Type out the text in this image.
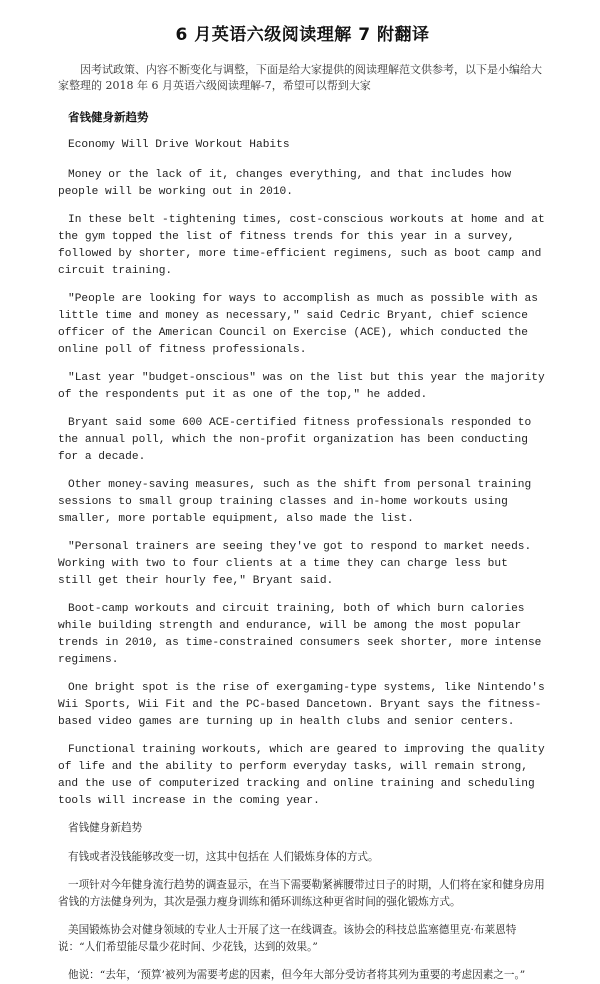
6 月英语六级阅读理解 7 附翻译

因考试政策、内容不断变化与调整，下面是给大家提供的阅读理解范文供参考，以下是小编给大家整理的 2018 年 6 月英语六级阅读理解-7，希望可以帮到大家

省钱健身新趋势

Economy Will Drive Workout Habits

Money or the lack of it, changes everything, and that includes how people will be working out in 2010.

In these belt -tightening times, cost-conscious workouts at home and at the gym topped the list of fitness trends for this year in a survey, followed by shorter, more time-efficient regimens, such as boot camp and circuit training.

"People are looking for ways to accomplish as much as possible with as little time and money as necessary," said Cedric Bryant, chief science officer of the American Council on Exercise (ACE), which conducted the online poll of fitness professionals.

"Last year "budget-onscious" was on the list but this year the majority of the respondents put it as one of the top," he added.

Bryant said some 600 ACE-certified fitness professionals responded to the annual poll, which the non-profit organization has been conducting for a decade.

Other money-saving measures, such as the shift from personal training sessions to small group training classes and in-home workouts using smaller, more portable equipment, also made the list.

"Personal trainers are seeing they've got to respond to market needs. Working with two to four clients at a time they can charge less but still get their hourly fee," Bryant said.

Boot-camp workouts and circuit training, both of which burn calories while building strength and endurance, will be among the most popular trends in 2010, as time-constrained consumers seek shorter, more intense regimens.

One bright spot is the rise of exergaming-type systems, like Nintendo's Wii Sports, Wii Fit and the PC-based Dancetown. Bryant says the fitness-based video games are turning up in health clubs and senior centers.

Functional training workouts, which are geared to improving the quality of life and the ability to perform everyday tasks, will remain strong, and the use of computerized tracking and online training and scheduling tools will increase in the coming year.

省钱健身新趋势

有钱或者没钱能够改变一切，这其中包括在 人们锻炼身体的方式。

一项针对今年健身流行趋势的调查显示，在当下需要勒紧裤腰带过日子的时期，人们将在家和健身房用省钱的方法健身列为，其次是强力瘦身训练和循环训练这种更省时间的强化锻炼方式。

美国锻炼协会对健身领域的专业人士开展了这一在线调查。该协会的科技总监塞德里克·布莱恩特说：“人们希望能尽量少花时间、少花钱，达到的效果。”

他说：“去年，‘预算’被列为需要考虑的因素，但今年大部分受访者将其列为重要的考虑因素之一。”
